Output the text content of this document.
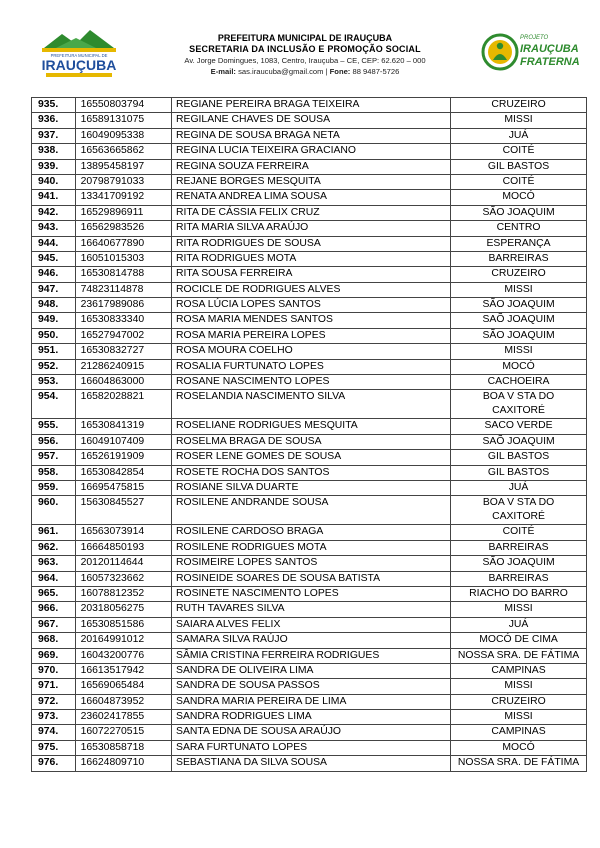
PREFEITURA MUNICIPAL DE
IRAUÇUBA
PREFEITURA MUNICIPAL DE IRAUÇUBA
SECRETARIA DA INCLUSÃO E PROMOÇÃO SOCIAL
Av. Jorge Domingues, 1083, Centro, Irauçuba – CE, CEP: 62.620 – 000
E-mail: sas.iraucuba@gmail.com | Fone: 88 9487-5726
PROJETO
IRAUÇUBA
FRATERNA
935.	16550803794	REGIANE PEREIRA BRAGA TEIXEIRA	CRUZEIRO
936.	16589131075	REGILANE CHAVES DE SOUSA	MISSI
937.	16049095338	REGINA DE SOUSA BRAGA NETA	JUÁ
938.	16563665862	REGINA LUCIA TEIXEIRA GRACIANO	COITÉ
939.	13895458197	REGINA SOUZA FERREIRA	GIL BASTOS
940.	20798791033	REJANE BORGES MESQUITA	COITÉ
941.	13341709192	RENATA ANDREA LIMA SOUSA	MOCÓ
942.	16529896911	RITA DE CÁSSIA FELIX CRUZ	SÃO JOAQUIM
943.	16562983526	RITA MARIA SILVA ARAÚJO	CENTRO
944.	16640677890	RITA RODRIGUES DE SOUSA	ESPERANÇA
945.	16051015303	RITA RODRIGUES MOTA	BARREIRAS
946.	16530814788	RITA SOUSA FERREIRA	CRUZEIRO
947.	74823114878	ROCICLE DE RODRIGUES ALVES	MISSI
948.	23617989086	ROSA LÚCIA LOPES SANTOS	SÃO JOAQUIM
949.	16530833340	ROSA MARIA MENDES SANTOS	SAÕ JOAQUIM
950.	16527947002	ROSA MARIA PEREIRA LOPES	SÃO JOAQUIM
951.	16530832727	ROSA MOURA COELHO	MISSI
952.	21286240915	ROSALIA FURTUNATO LOPES	MOCÓ
953.	16604863000	ROSANE NASCIMENTO LOPES	CACHOEIRA
954.	16582028821	ROSELANDIA NASCIMENTO SILVA	BOA V STA DO CAXITORÉ
955.	16530841319	ROSELIANE RODRIGUES MESQUITA	SACO VERDE
956.	16049107409	ROSELMA BRAGA DE SOUSA	SAÕ JOAQUIM
957.	16526191909	ROSER LENE GOMES DE SOUSA	GIL BASTOS
958.	16530842854	ROSETE ROCHA DOS SANTOS	GIL BASTOS
959.	16695475815	ROSIANE SILVA DUARTE	JUÁ
960.	15630845527	ROSILENE ANDRANDE SOUSA	BOA V STA DO CAXITORÉ
961.	16563073914	ROSILENE CARDOSO BRAGA	COITÉ
962.	16664850193	ROSILENE RODRIGUES MOTA	BARREIRAS
963.	20120114644	ROSIMEIRE LOPES SANTOS	SÃO JOAQUIM
964.	16057323662	ROSINEIDE SOARES DE SOUSA BATISTA	BARREIRAS
965.	16078812352	ROSINETE NASCIMENTO LOPES	RIACHO DO BARRO
966.	20318056275	RUTH TAVARES SILVA	MISSI
967.	16530851586	SAIARA ALVES FELIX	JUÁ
968.	20164991012	SAMARA SILVA RAÚJO	MOCÓ DE CIMA
969.	16043200776	SÂMIA CRISTINA FERREIRA RODRIGUES	NOSSA SRA. DE FÁTIMA
970.	16613517942	SANDRA DE OLIVEIRA LIMA	CAMPINAS
971.	16569065484	SANDRA DE SOUSA PASSOS	MISSI
972.	16604873952	SANDRA MARIA PEREIRA DE LIMA	CRUZEIRO
973.	23602417855	SANDRA RODRIGUES LIMA	MISSI
974.	16072270515	SANTA EDNA DE SOUSA ARAÚJO	CAMPINAS
975.	16530858718	SARA FURTUNATO LOPES	MOCÓ
976.	16624809710	SEBASTIANA DA SILVA SOUSA	NOSSA SRA. DE FÁTIMA
